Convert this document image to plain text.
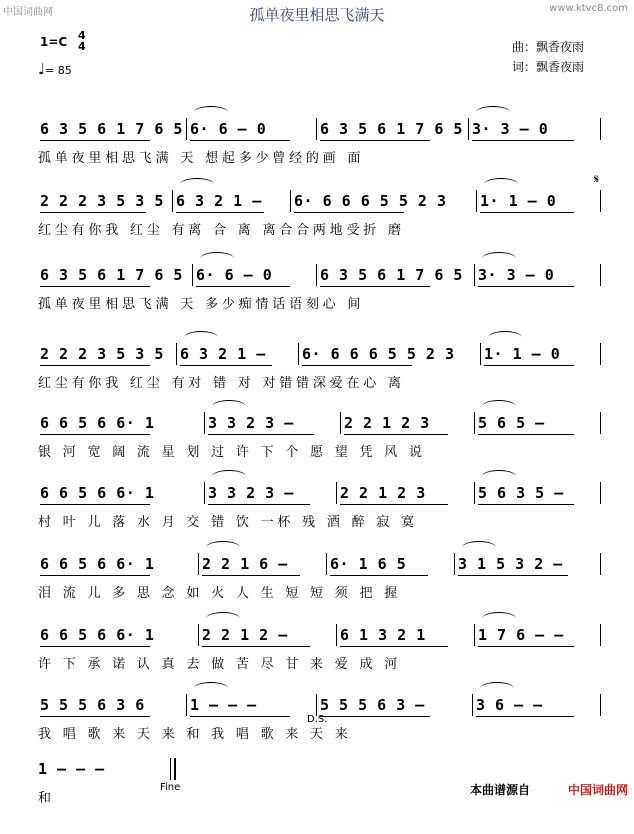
中国词曲网	www.ktvc8.com
孤单夜里相思飞满天
1=C 4
4
♩= 85
曲：飘香夜雨
词：飘香夜雨
6 3 5 6 1 7 6 5 6· 6 – 0	6 3 5 6 1 7 6 5 3· 3 – 0
孤单夜里相思飞满 天 想起多少曾经的画 面
2 2 2 3 5 3 5 6 3 2 1 – 6· 6 6 6 5 5 2 3 1· 1 – 0
红尘有你我 红尘 有离 合 离 离合合两地受折 磨
6 3 5 6 1 7 6 5 6· 6 – 0	6 3 5 6 1 7 6 5 3· 3 – 0
孤单夜里相思飞满 天 多少痴情话语刻心 间
2 2 2 3 5 3 5 6 3 2 1 – 6· 6 6 6 5 5 2 3 1· 1 – 0
红尘有你我 红尘 有对 错 对 对错错深爱在心 离
6 6 5 6 6· 1	3 3 2 3 –	2 2 1 2 3	5 6 5 –
银 河 宽 阔 流 星 划 过 许 下 个 愿 望 凭 风 说
6 6 5 6 6· 1	3 3 2 3 –	2 2 1 2 3	5 6 3 5 –
村 叶 儿 落 水 月 交 错 饮 一杯 残 酒 醉 寂 寞
6 6 5 6 6· 1	2 2 1 6 –	6· 1 6 5	3 1 5 3 2 –
泪 流 儿 多 思 念 如 火 人 生 短 短 须 把 握
6 6 5 6 6· 1	2 2 1 2 –	6 1 3 2 1	1 7 6 – –
许 下 承 诺 认 真 去 做 苦 尽 甘 来 爱 成 河
5 5 5 6 3 6	1 – – –	5 5 5 6 3 –	3 6 – –
我 唱 歌 来 天 来 和 我 唱 歌 来 天 来
1 – – –
和
Fine
D.S.
𝄋
本曲谱源自	中国词曲网
